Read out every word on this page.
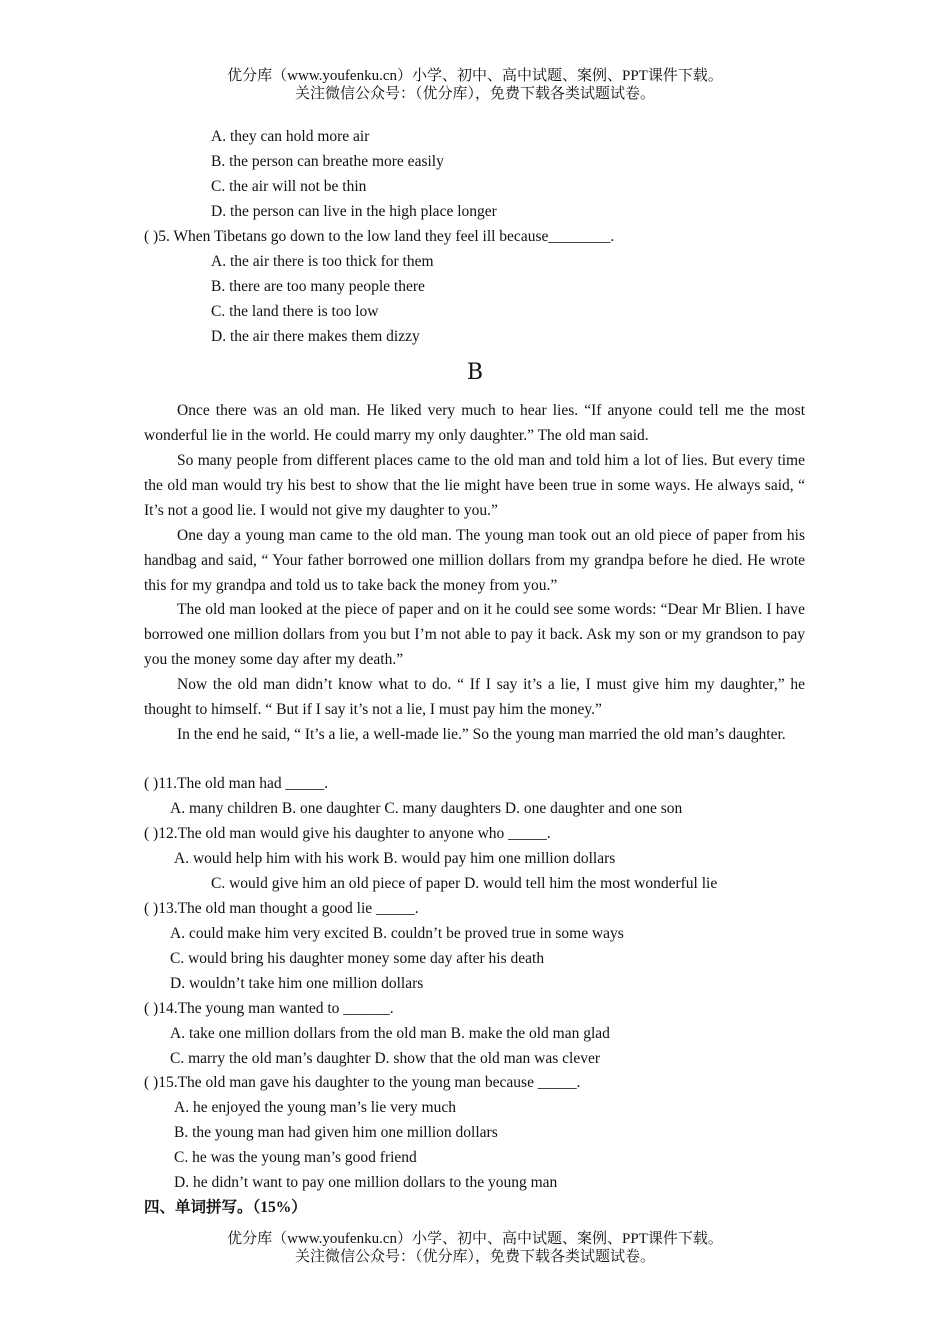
优分库（www.youfenku.cn）小学、初中、高中试题、案例、PPT课件下载。
关注微信公众号：（优分库），免费下载各类试题试卷。
A. they can hold more air
B. the person can breathe more easily
C. the air will not be thin
D. the person can live in the high place longer
( )5. When Tibetans go down to the low land they feel ill because________.
A. the air there is too thick for them
B. there are too many people there
C. the land there is too low
D. the air there makes them dizzy
B
Once there was an old man. He liked very much to hear lies. “If anyone could tell me the most wonderful lie in the world. He could marry my only daughter.” The old man said.
So many people from different places came to the old man and told him a lot of lies. But every time the old man would try his best to show that the lie might have been true in some ways. He always said, “ It’s not a good lie. I would not give my daughter to you.”
One day a young man came to the old man. The young man took out an old piece of paper from his handbag and said, “ Your father borrowed one million dollars from my grandpa before he died. He wrote this for my grandpa and told us to take back the money from you.”
The old man looked at the piece of paper and on it he could see some words: “Dear Mr Blien. I have borrowed one million dollars from you but I’m not able to pay it back. Ask my son or my grandson to pay you the money some day after my death.”
Now the old man didn’t know what to do. “ If I say it’s a lie, I must give him my daughter,” he thought to himself. “ But if I say it’s not a lie, I must pay him the money.”
In the end he said, “ It’s a lie, a well-made lie.” So the young man married the old man’s daughter.
( )11.The old man had _____.
A. many children B. one daughter C. many daughters D. one daughter and one son
( )12.The old man would give his daughter to anyone who _____.
A. would help him with his work B. would pay him one million dollars
C. would give him an old piece of paper D. would tell him the most wonderful lie
( )13.The old man thought a good lie _____.
A. could make him very excited B. couldn’t be proved true in some ways
C. would bring his daughter money some day after his death
D. wouldn’t take him one million dollars
( )14.The young man wanted to ______.
A. take one million dollars from the old man B. make the old man glad
C. marry the old man’s daughter D. show that the old man was clever
( )15.The old man gave his daughter to the young man because _____.
A. he enjoyed the young man’s lie very much
B. the young man had given him one million dollars
C. he was the young man’s good friend
D. he didn’t want to pay one million dollars to the young man
四、单词拼写。（15%）
优分库（www.youfenku.cn）小学、初中、高中试题、案例、PPT课件下载。
关注微信公众号：（优分库），免费下载各类试题试卷。
